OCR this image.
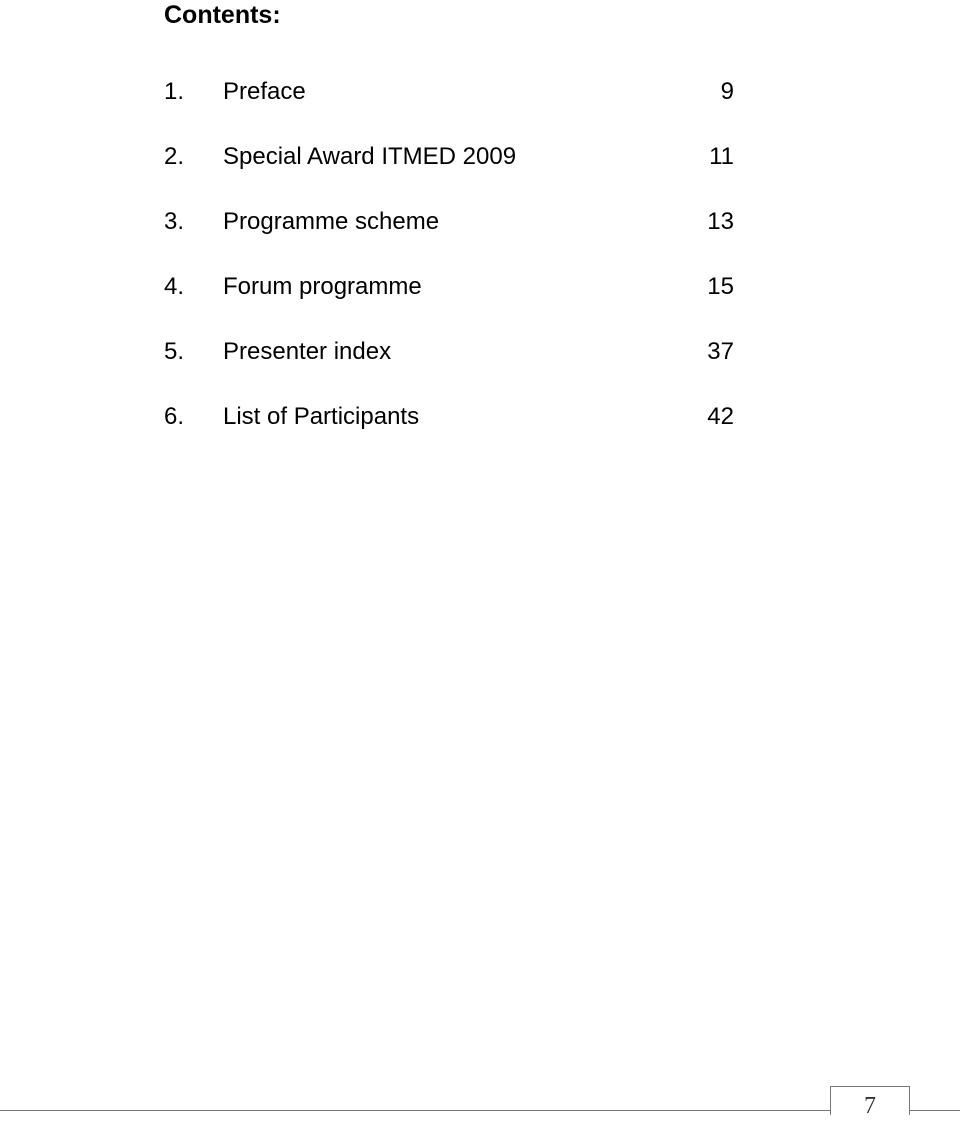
Contents:
1. Preface	9
2. Special Award ITMED 2009	11
3. Programme scheme	13
4. Forum programme	15
5. Presenter index	37
6. List of Participants	42
7
